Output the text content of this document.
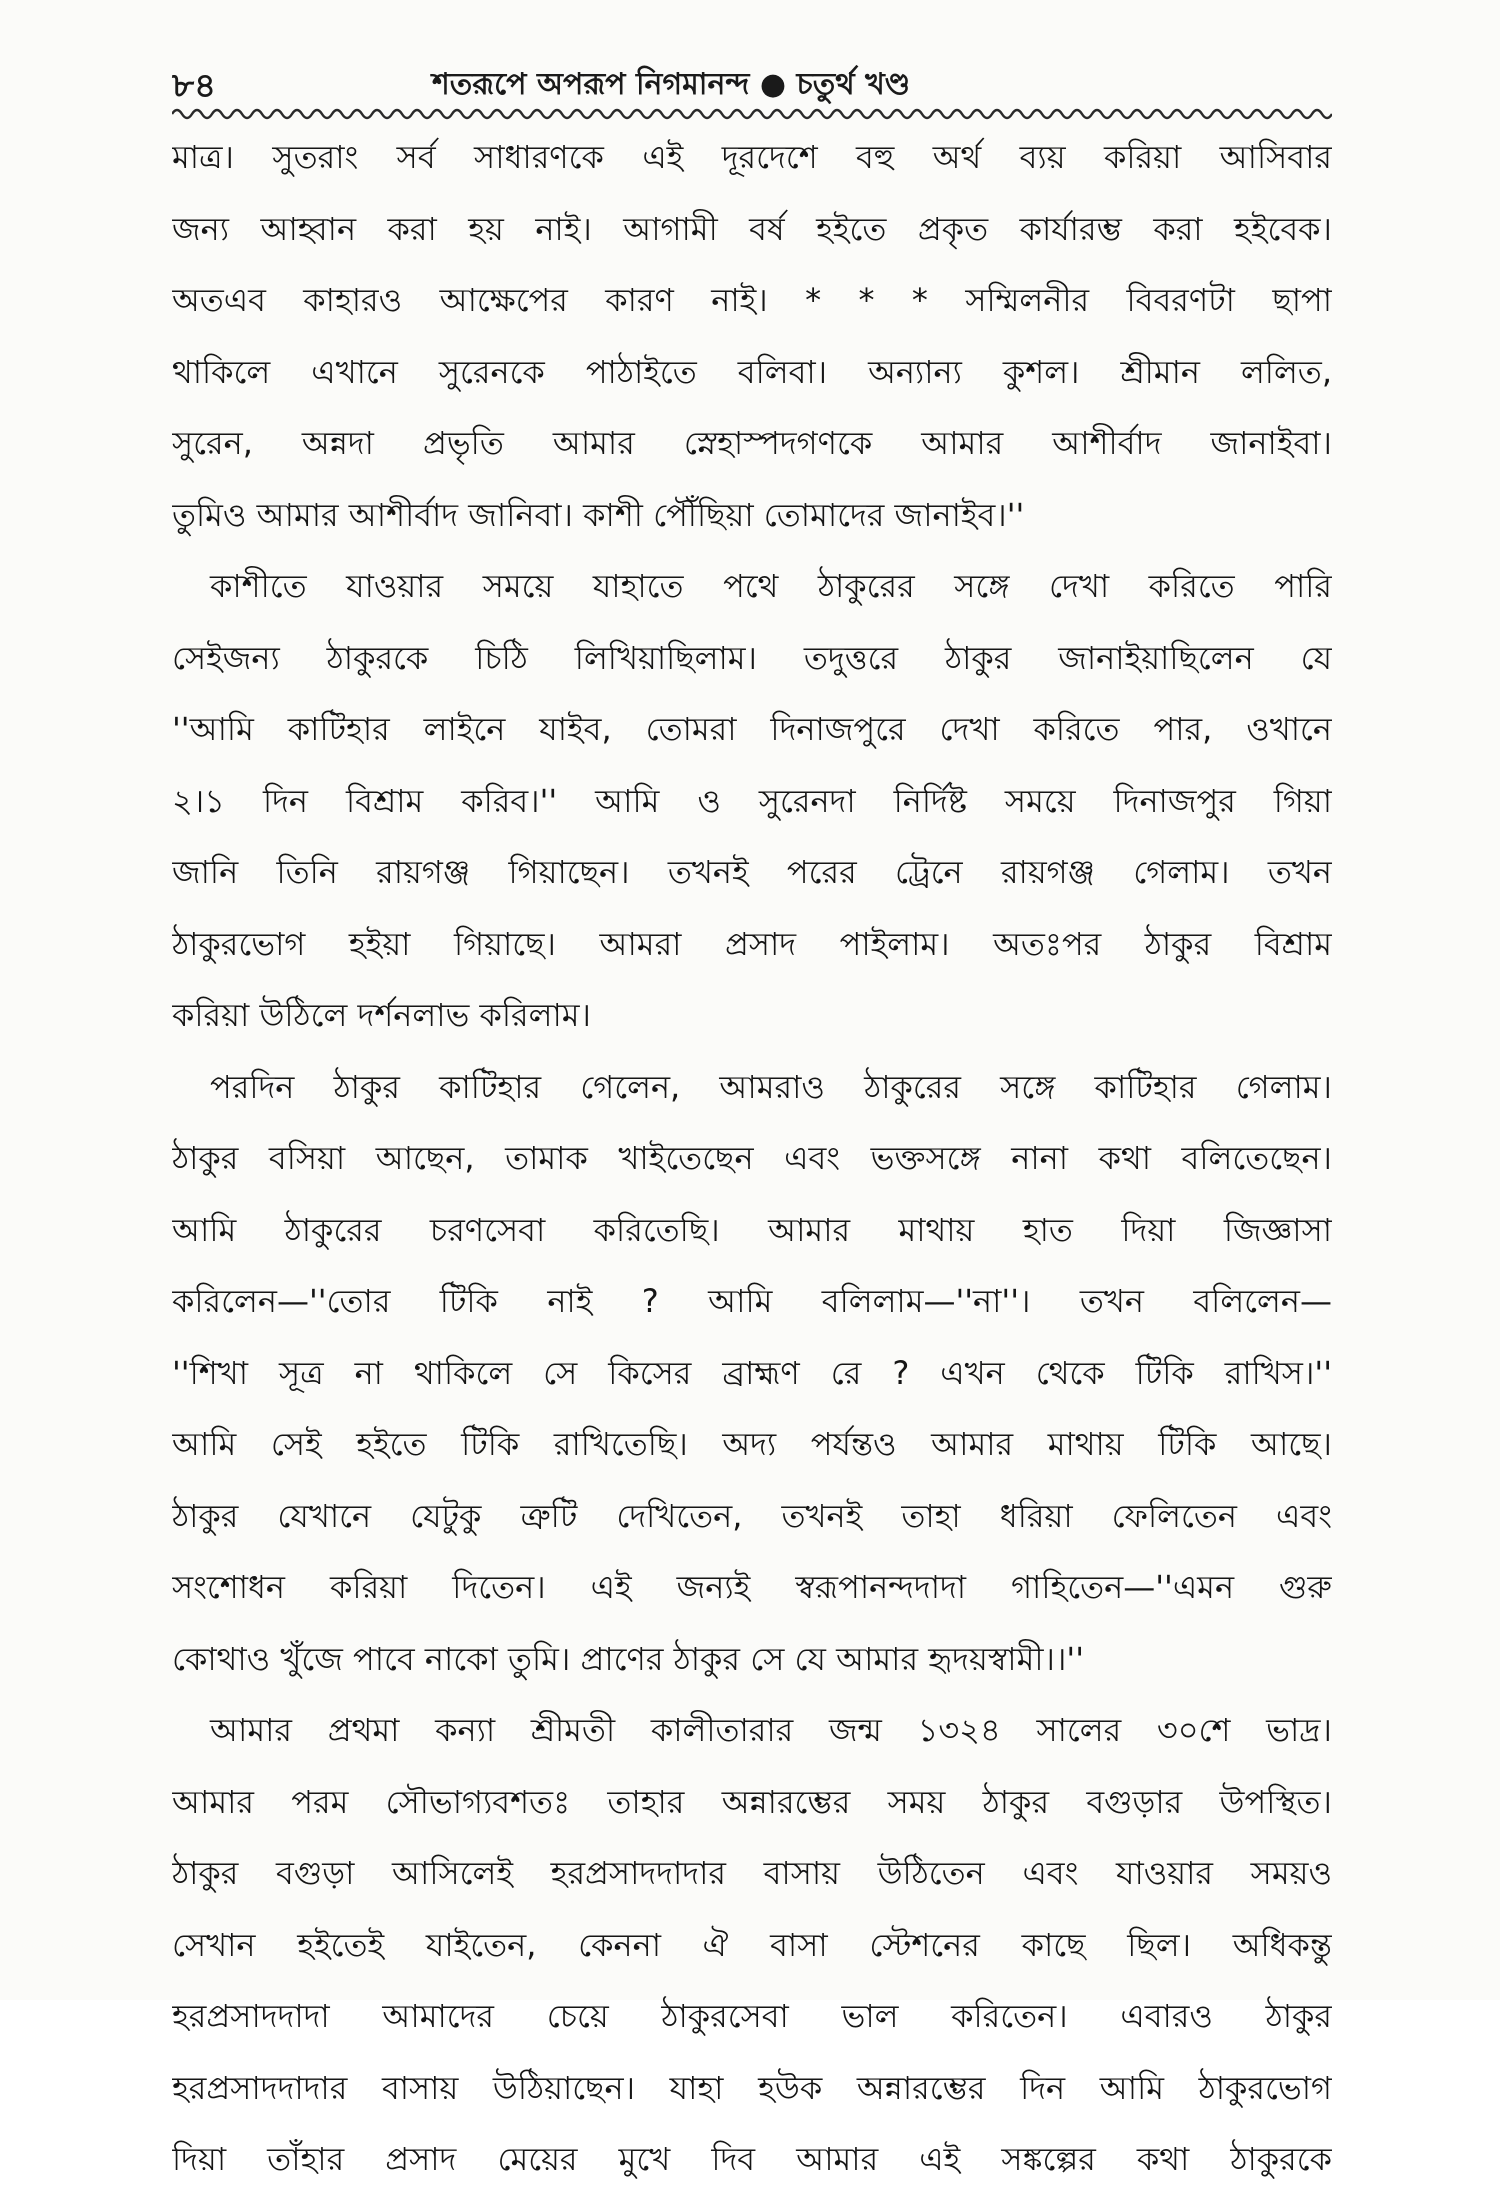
৮৪	শতরূপে অপরূপ নিগমানন্দ ● চতুর্থ খণ্ড
মাত্র। সুতরাং সর্ব সাধারণকে এই দূরদেশে বহু অর্থ ব্যয় করিয়া আসিবার
জন্য আহ্বান করা হয় নাই। আগামী বর্ষ হইতে প্রকৃত কার্যারম্ভ করা হইবেক।
অতএব কাহারও আক্ষেপের কারণ নাই। * * * সম্মিলনীর বিবরণটা ছাপা
থাকিলে এখানে সুরেনকে পাঠাইতে বলিবা। অন্যান্য কুশল। শ্রীমান ললিত,
সুরেন, অন্নদা প্রভৃতি আমার স্নেহাস্পদগণকে আমার আশীর্বাদ জানাইবা।
তুমিও আমার আশীর্বাদ জানিবা। কাশী পৌঁছিয়া তোমাদের জানাইব।''
কাশীতে যাওয়ার সময়ে যাহাতে পথে ঠাকুরের সঙ্গে দেখা করিতে পারি
সেইজন্য ঠাকুরকে চিঠি লিখিয়াছিলাম। তদুত্তরে ঠাকুর জানাইয়াছিলেন যে
''আমি কাটিহার লাইনে যাইব, তোমরা দিনাজপুরে দেখা করিতে পার, ওখানে
২।১ দিন বিশ্রাম করিব।'' আমি ও সুরেনদা নির্দিষ্ট সময়ে দিনাজপুর গিয়া
জানি তিনি রায়গঞ্জ গিয়াছেন। তখনই পরের ট্রেনে রায়গঞ্জ গেলাম। তখন
ঠাকুরভোগ হইয়া গিয়াছে। আমরা প্রসাদ পাইলাম। অতঃপর ঠাকুর বিশ্রাম
করিয়া উঠিলে দর্শনলাভ করিলাম।
পরদিন ঠাকুর কাটিহার গেলেন, আমরাও ঠাকুরের সঙ্গে কাটিহার গেলাম।
ঠাকুর বসিয়া আছেন, তামাক খাইতেছেন এবং ভক্তসঙ্গে নানা কথা বলিতেছেন।
আমি ঠাকুরের চরণসেবা করিতেছি। আমার মাথায় হাত দিয়া জিজ্ঞাসা
করিলেন—''তোর টিকি নাই ? আমি বলিলাম—''না''। তখন বলিলেন—
''শিখা সূত্র না থাকিলে সে কিসের ব্রাহ্মণ রে ? এখন থেকে টিকি রাখিস।''
আমি সেই হইতে টিকি রাখিতেছি। অদ্য পর্যন্তও আমার মাথায় টিকি আছে।
ঠাকুর যেখানে যেটুকু ত্রুটি দেখিতেন, তখনই তাহা ধরিয়া ফেলিতেন এবং
সংশোধন করিয়া দিতেন। এই জন্যই স্বরূপানন্দদাদা গাহিতেন—''এমন গুরু
কোথাও খুঁজে পাবে নাকো তুমি। প্রাণের ঠাকুর সে যে আমার হৃদয়স্বামী।।''
আমার প্রথমা কন্যা শ্রীমতী কালীতারার জন্ম ১৩২৪ সালের ৩০শে ভাদ্র।
আমার পরম সৌভাগ্যবশতঃ তাহার অন্নারম্ভের সময় ঠাকুর বগুড়ার উপস্থিত।
ঠাকুর বগুড়া আসিলেই হরপ্রসাদদাদার বাসায় উঠিতেন এবং যাওয়ার সময়ও
সেখান হইতেই যাইতেন, কেননা ঐ বাসা স্টেশনের কাছে ছিল। অধিকন্তু
হরপ্রসাদদাদা আমাদের চেয়ে ঠাকুরসেবা ভাল করিতেন। এবারও ঠাকুর
হরপ্রসাদদাদার বাসায় উঠিয়াছেন। যাহা হউক অন্নারম্ভের দিন আমি ঠাকুরভোগ
দিয়া তাঁহার প্রসাদ মেয়ের মুখে দিব আমার এই সঙ্কল্পের কথা ঠাকুরকে
